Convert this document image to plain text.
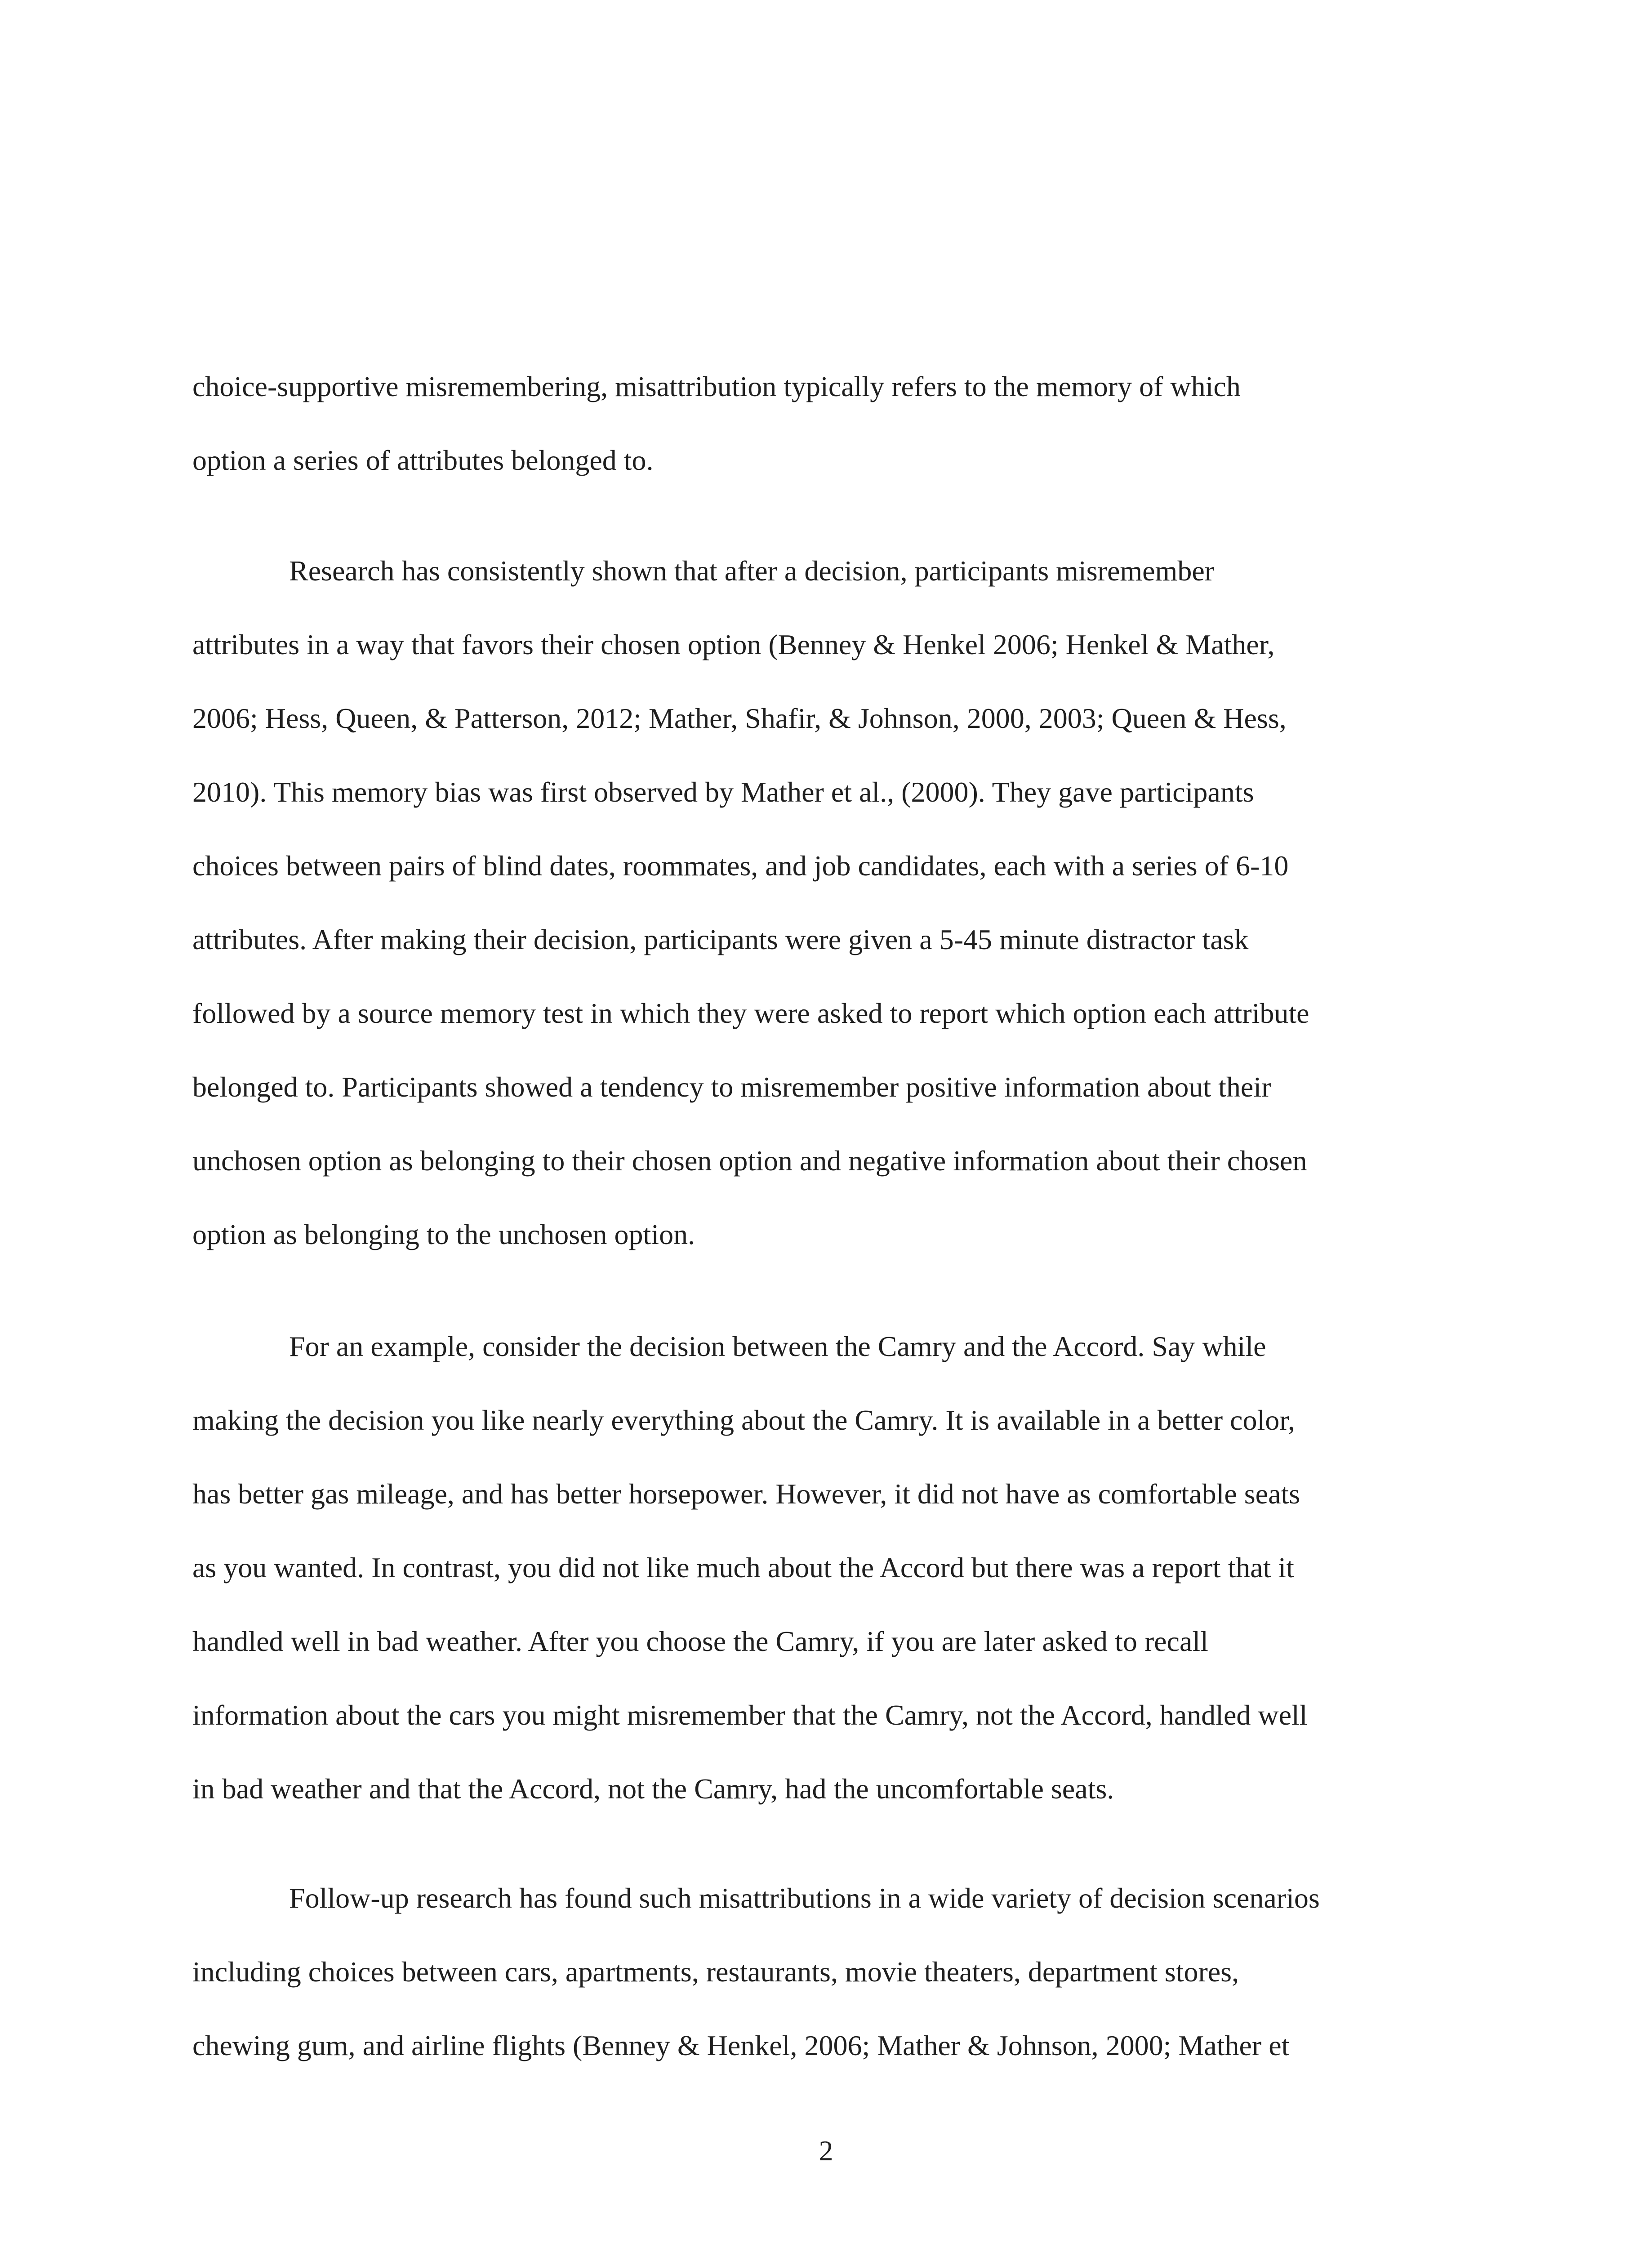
choice-supportive misremembering, misattribution typically refers to the memory of which
option a series of attributes belonged to.
Research has consistently shown that after a decision, participants misremember
attributes in a way that favors their chosen option (Benney & Henkel 2006; Henkel & Mather,
2006; Hess, Queen, & Patterson, 2012; Mather, Shafir, & Johnson, 2000, 2003; Queen & Hess,
2010). This memory bias was first observed by Mather et al., (2000). They gave participants
choices between pairs of blind dates, roommates, and job candidates, each with a series of 6-10
attributes. After making their decision, participants were given a 5-45 minute distractor task
followed by a source memory test in which they were asked to report which option each attribute
belonged to. Participants showed a tendency to misremember positive information about their
unchosen option as belonging to their chosen option and negative information about their chosen
option as belonging to the unchosen option.
For an example, consider the decision between the Camry and the Accord. Say while
making the decision you like nearly everything about the Camry. It is available in a better color,
has better gas mileage, and has better horsepower. However, it did not have as comfortable seats
as you wanted. In contrast, you did not like much about the Accord but there was a report that it
handled well in bad weather. After you choose the Camry, if you are later asked to recall
information about the cars you might misremember that the Camry, not the Accord, handled well
in bad weather and that the Accord, not the Camry, had the uncomfortable seats.
Follow-up research has found such misattributions in a wide variety of decision scenarios
including choices between cars, apartments, restaurants, movie theaters, department stores,
chewing gum, and airline flights (Benney & Henkel, 2006; Mather & Johnson, 2000; Mather et
2
